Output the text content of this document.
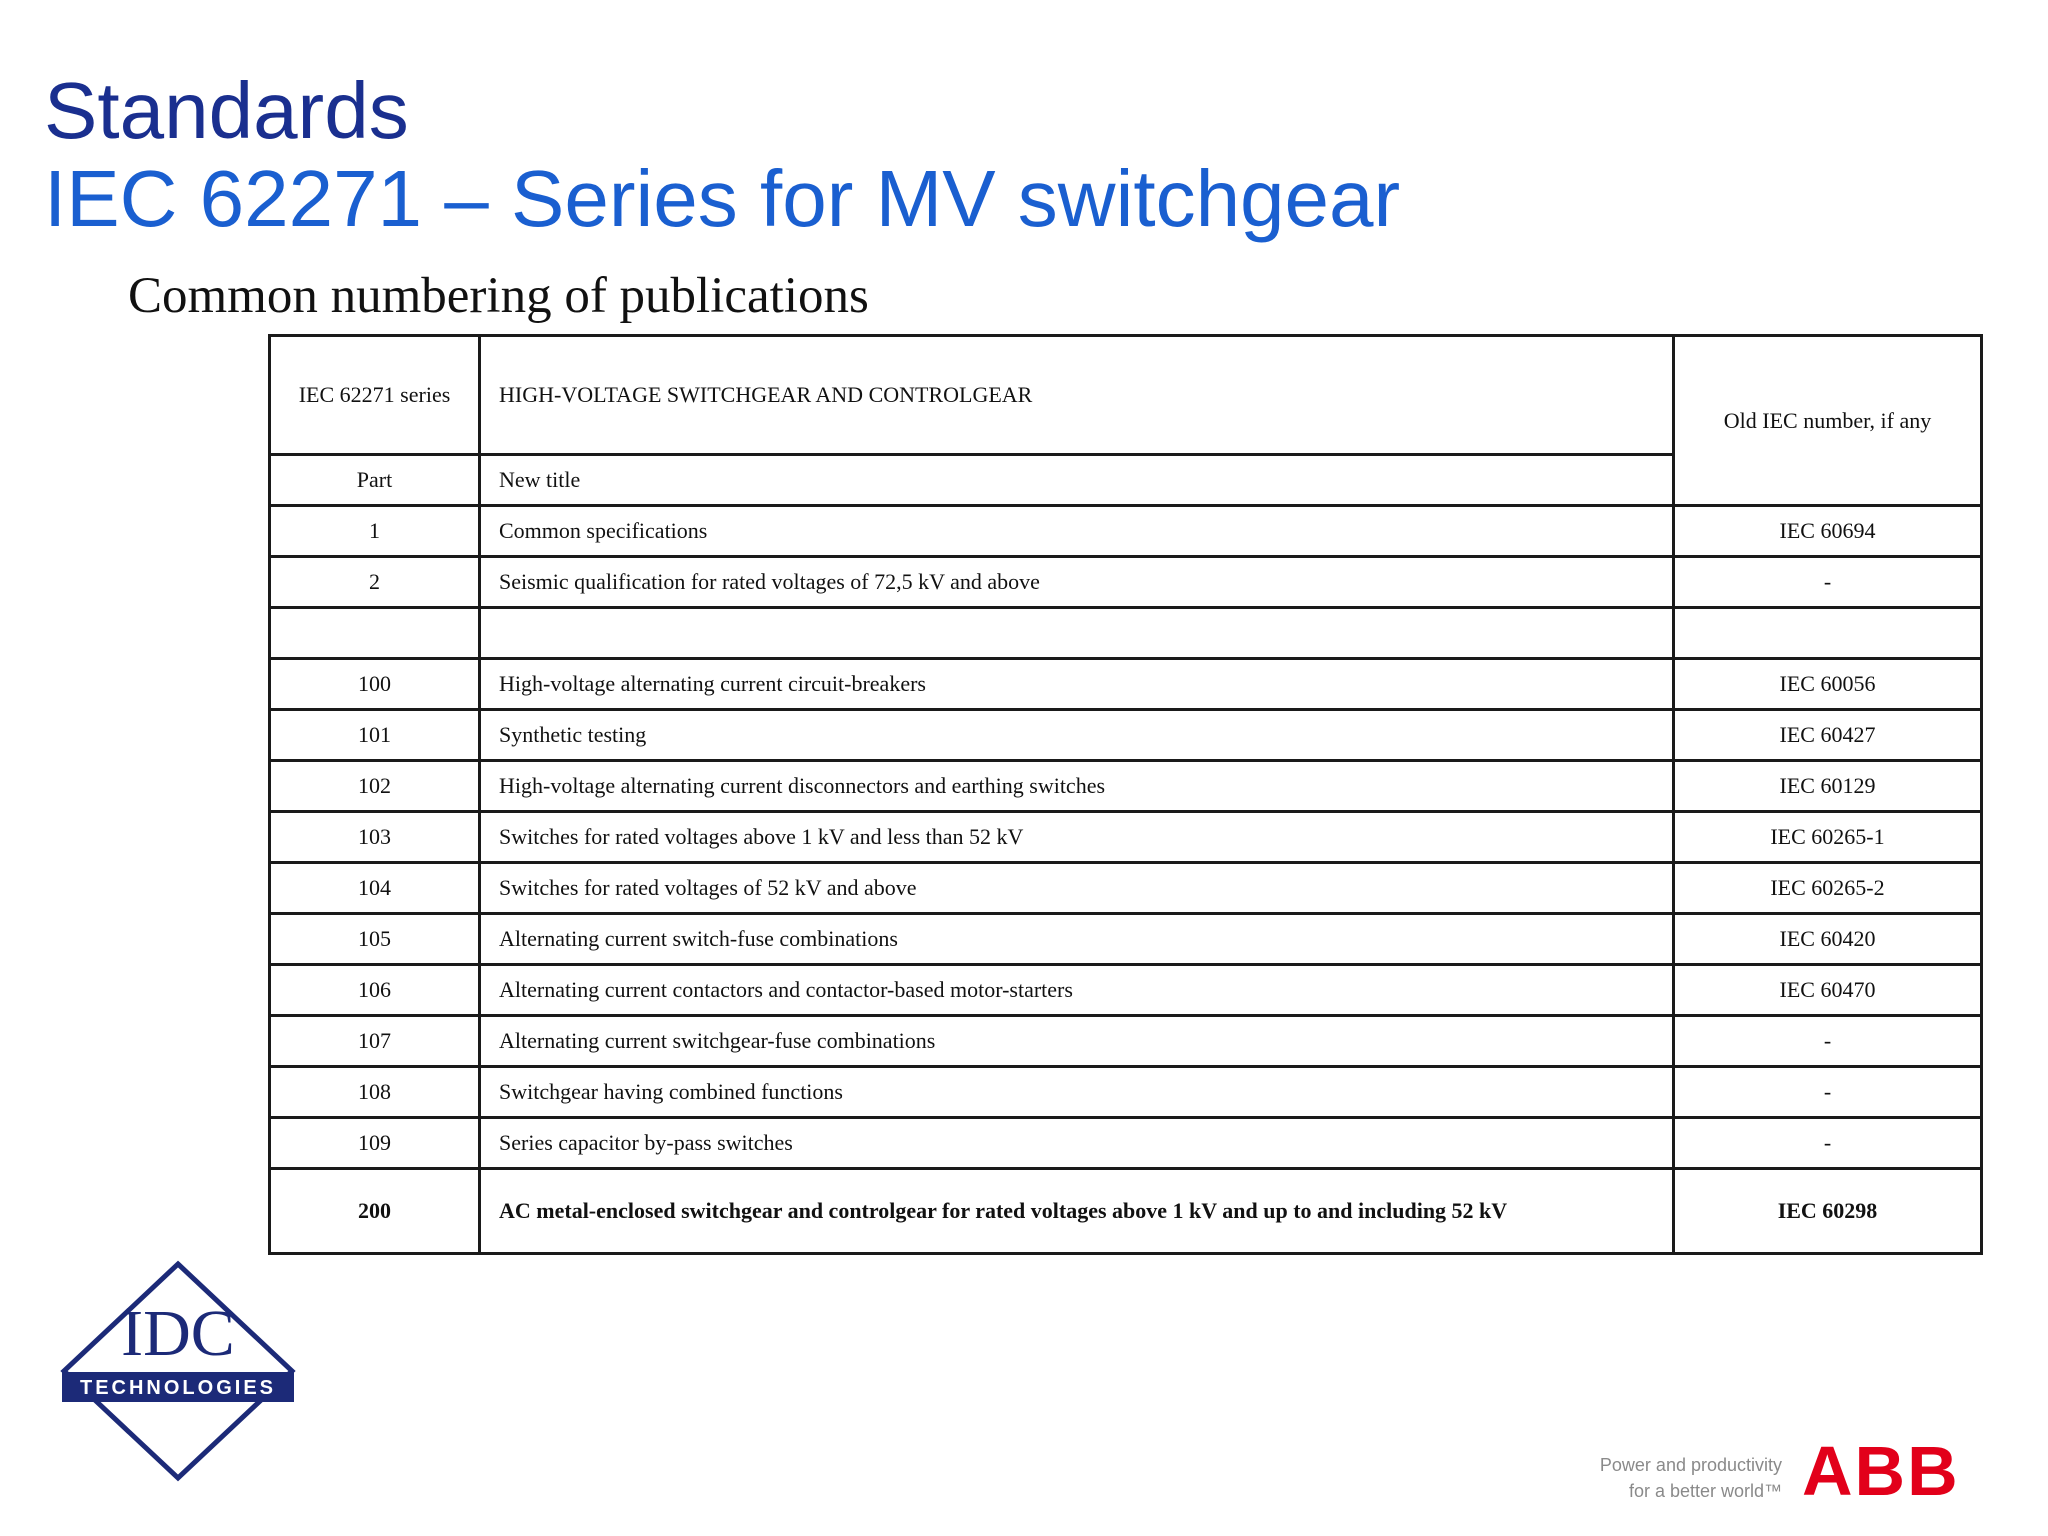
Standards
IEC 62271 – Series for MV switchgear
Common numbering of publications
IEC 62271 series	HIGH-VOLTAGE SWITCHGEAR AND CONTROLGEAR	Old IEC number, if any
Part	New title	
1	Common specifications	IEC 60694
2	Seismic qualification for rated voltages of 72,5 kV and above	-

100	High-voltage alternating current circuit-breakers	IEC 60056
101	Synthetic testing	IEC 60427
102	High-voltage alternating current disconnectors and earthing switches	IEC 60129
103	Switches for rated voltages above 1 kV and less than 52 kV	IEC 60265-1
104	Switches for rated voltages of 52 kV and above	IEC 60265-2
105	Alternating current switch-fuse combinations	IEC 60420
106	Alternating current contactors and contactor-based motor-starters	IEC 60470
107	Alternating current switchgear-fuse combinations	-
108	Switchgear having combined functions	-
109	Series capacitor by-pass switches	-
200	AC metal-enclosed switchgear and controlgear for rated voltages above 1 kV and up to and including 52 kV	IEC 60298
IDC
TECHNOLOGIES
Power and productivity
for a better world™ ABB
